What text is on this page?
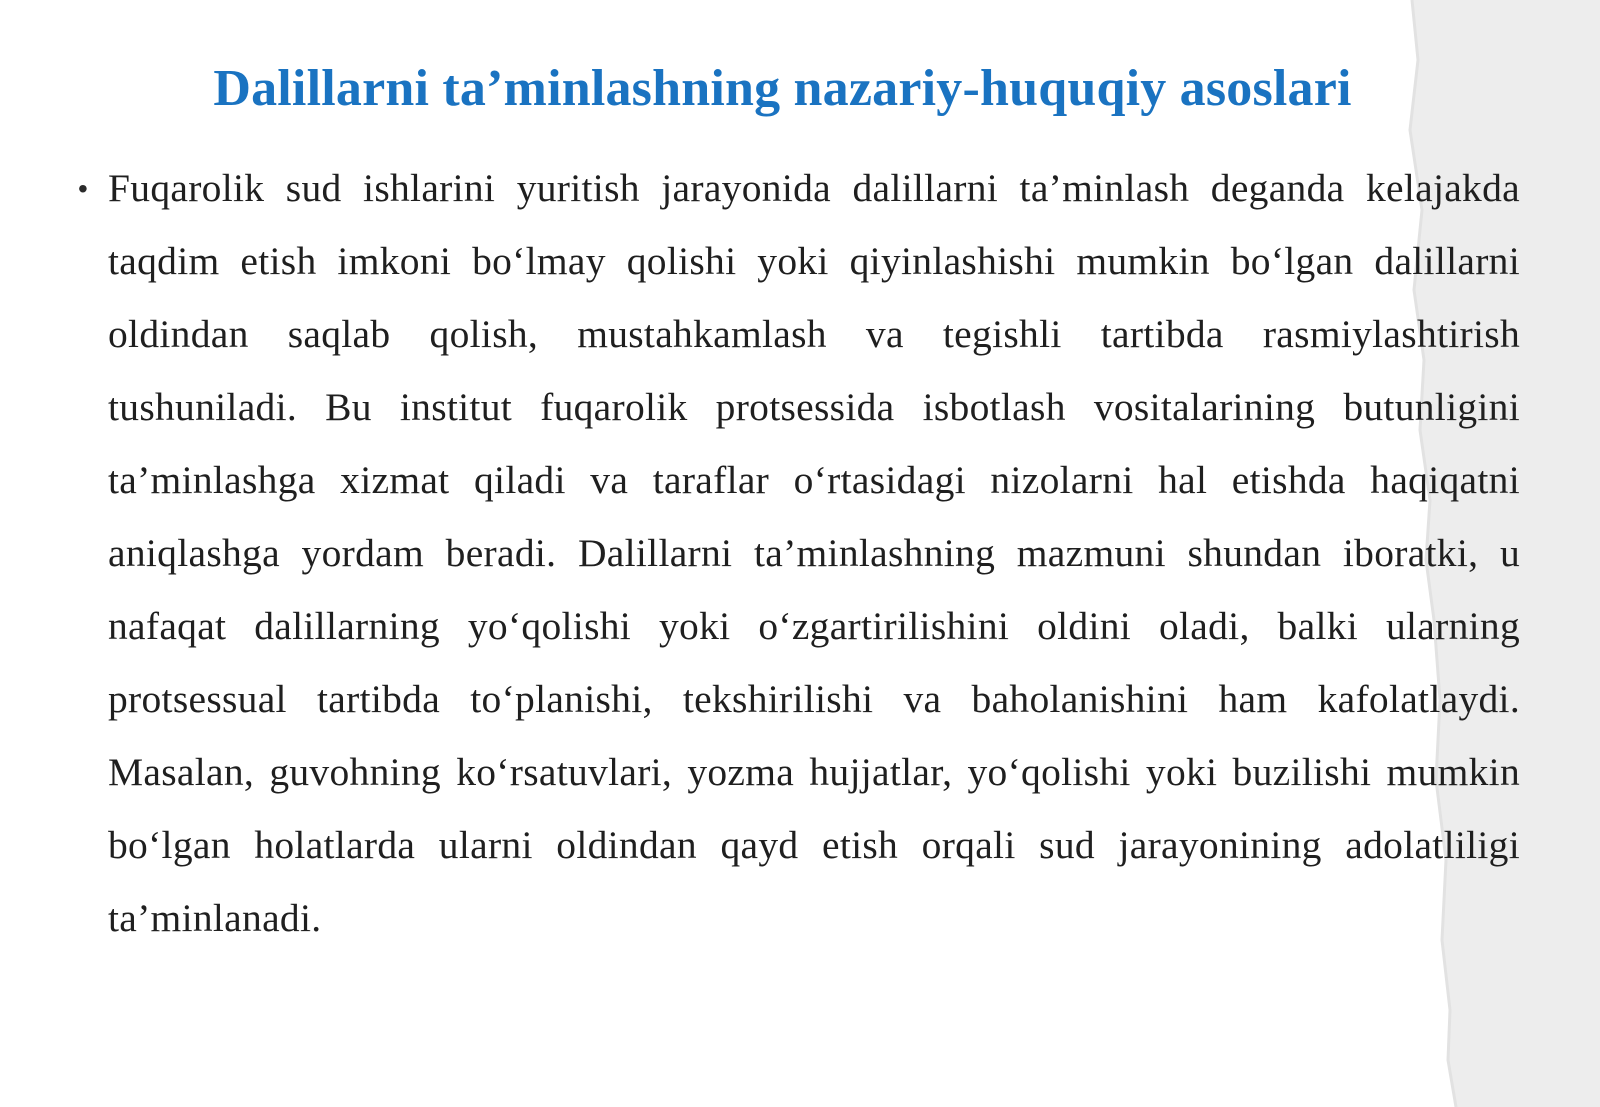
Dalillarni ta’minlashning nazariy-huquqiy asoslari
• Fuqarolik sud ishlarini yuritish jarayonida dalillarni ta’minlash deganda kelajakda taqdim etish imkoni bo‘lmay qolishi yoki qiyinlashishi mumkin bo‘lgan dalillarni oldindan saqlab qolish, mustahkamlash va tegishli tartibda rasmiylashtirish tushuniladi. Bu institut fuqarolik protsessida isbotlash vositalarining butunligini ta’minlashga xizmat qiladi va taraflar o‘rtasidagi nizolarni hal etishda haqiqatni aniqlashga yordam beradi. Dalillarni ta’minlashning mazmuni shundan iboratki, u nafaqat dalillarning yo‘qolishi yoki o‘zgartirilishini oldini oladi, balki ularning protsessual tartibda to‘planishi, tekshirilishi va baholanishini ham kafolatlaydi. Masalan, guvohning ko‘rsatuvlari, yozma hujjatlar, yo‘qolishi yoki buzilishi mumkin bo‘lgan holatlarda ularni oldindan qayd etish orqali sud jarayonining adolatliligi ta’minlanadi.
